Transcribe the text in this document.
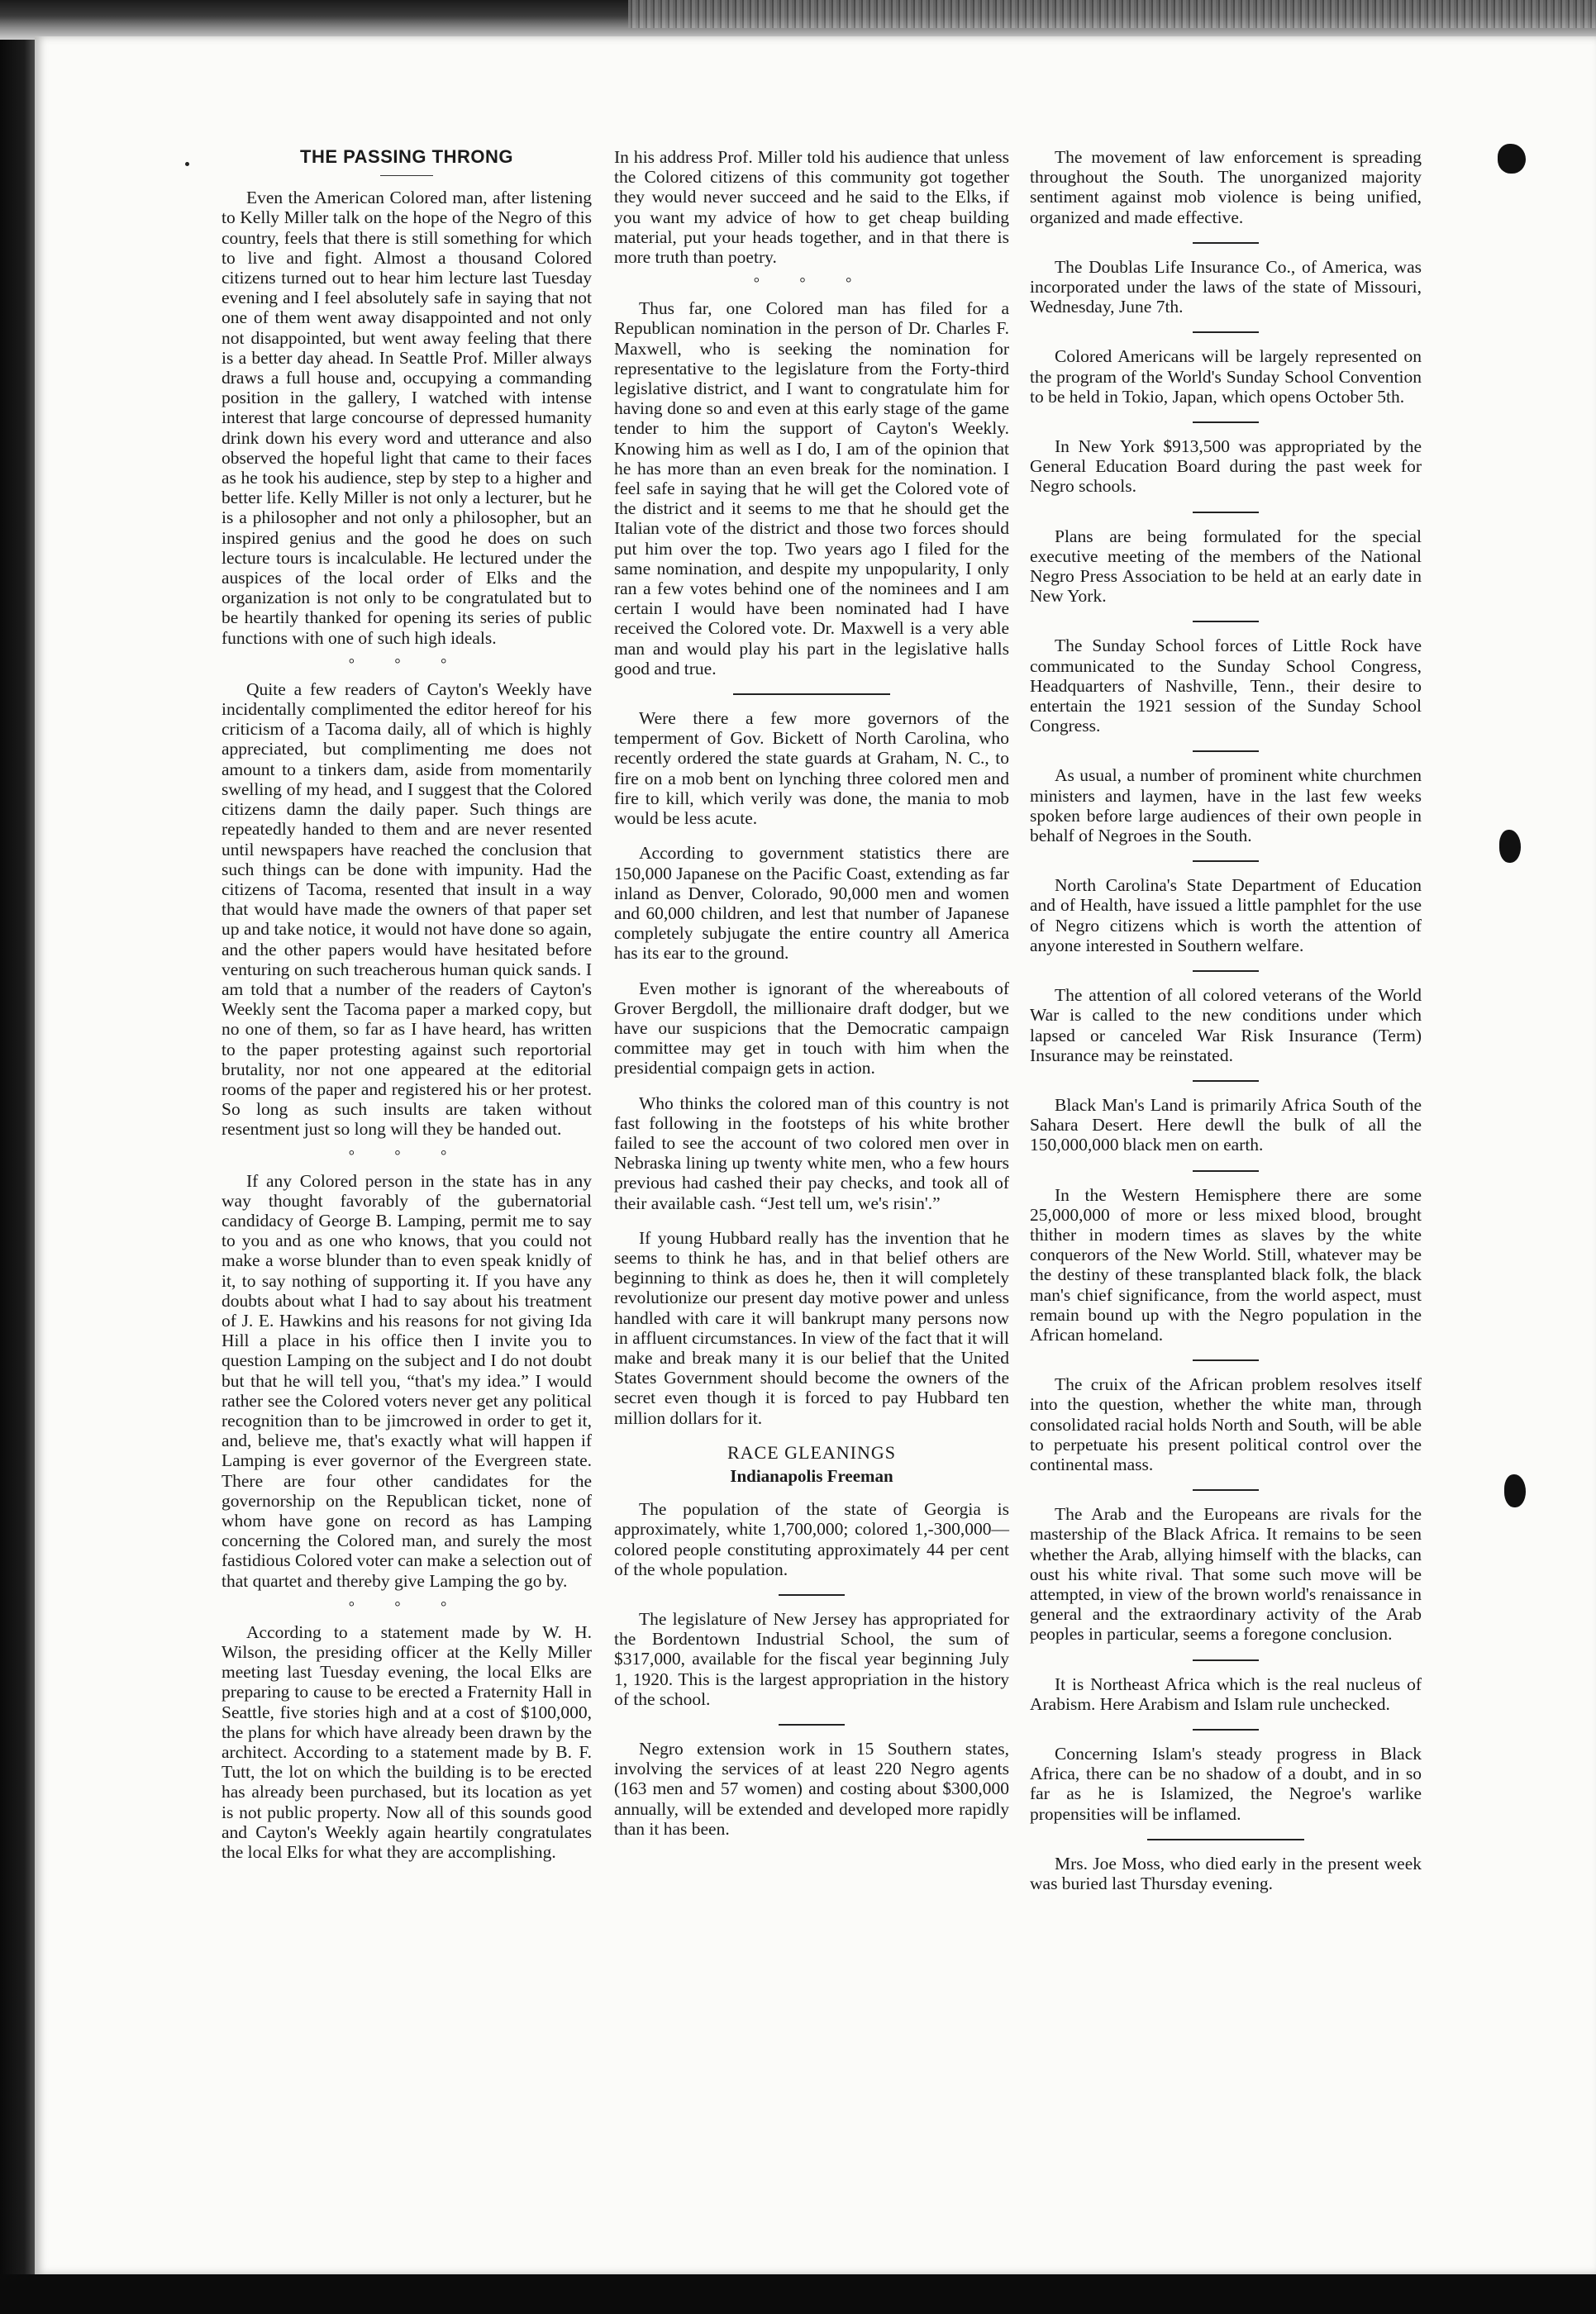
THE PASSING THRONG

Even the American Colored man, after listening to Kelly Miller talk on the hope of the Negro of this country, feels that there is still something for which to live and fight. Almost a thousand Colored citizens turned out to hear him lecture last Tuesday evening and I feel absolutely safe in saying that not one of them went away disappointed and not only not disappointed, but went away feeling that there is a better day ahead. In Seattle Prof. Miller always draws a full house and, occupying a commanding position in the gallery, I watched with intense interest that large concourse of depressed humanity drink down his every word and utterance and also observed the hopeful light that came to their faces as he took his audience, step by step to a higher and better life. Kelly Miller is not only a lecturer, but he is a philosopher and not only a philosopher, but an inspired genius and the good he does on such lecture tours is incalculable. He lectured under the auspices of the local order of Elks and the organization is not only to be congratulated but to be heartily thanked for opening its series of public functions with one of such high ideals.

° ° °

Quite a few readers of Cayton's Weekly have incidentally complimented the editor hereof for his criticism of a Tacoma daily, all of which is highly appreciated, but complimenting me does not amount to a tinkers dam, aside from momentarily swelling of my head, and I suggest that the Colored citizens damn the daily paper. Such things are repeatedly handed to them and are never resented until newspapers have reached the conclusion that such things can be done with impunity. Had the citizens of Tacoma, resented that insult in a way that would have made the owners of that paper set up and take notice, it would not have done so again, and the other papers would have hesitated before venturing on such treacherous human quick sands. I am told that a number of the readers of Cayton's Weekly sent the Tacoma paper a marked copy, but no one of them, so far as I have heard, has written to the paper protesting against such reportorial brutality, nor not one appeared at the editorial rooms of the paper and registered his or her protest. So long as such insults are taken without resentment just so long will they be handed out.

° ° °

If any Colored person in the state has in any way thought favorably of the gubernatorial candidacy of George B. Lamping, permit me to say to you and as one who knows, that you could not make a worse blunder than to even speak knidly of it, to say nothing of supporting it. If you have any doubts about what I had to say about his treatment of J. E. Hawkins and his reasons for not giving Ida Hill a place in his office then I invite you to question Lamping on the subject and I do not doubt but that he will tell you, “that's my idea.” I would rather see the Colored voters never get any political recognition than to be jimcrowed in order to get it, and, believe me, that's exactly what will happen if Lamping is ever governor of the Evergreen state. There are four other candidates for the governorship on the Republican ticket, none of whom have gone on record as has Lamping concerning the Colored man, and surely the most fastidious Colored voter can make a selection out of that quartet and thereby give Lamping the go by.

° ° °

According to a statement made by W. H. Wilson, the presiding officer at the Kelly Miller meeting last Tuesday evening, the local Elks are preparing to cause to be erected a Fraternity Hall in Seattle, five stories high and at a cost of $100,000, the plans for which have already been drawn by the architect. According to a statement made by B. F. Tutt, the lot on which the building is to be erected has already been purchased, but its location as yet is not public property. Now all of this sounds good and Cayton's Weekly again heartily congratulates the local Elks for what they are accomplishing.

In his address Prof. Miller told his audience that unless the Colored citizens of this community got together they would never succeed and he said to the Elks, if you want my advice of how to get cheap building material, put your heads together, and in that there is more truth than poetry.

° ° °

Thus far, one Colored man has filed for a Republican nomination in the person of Dr. Charles F. Maxwell, who is seeking the nomination for representative to the legislature from the Forty-third legislative district, and I want to congratulate him for having done so and even at this early stage of the game tender to him the support of Cayton's Weekly. Knowing him as well as I do, I am of the opinion that he has more than an even break for the nomination. I feel safe in saying that he will get the Colored vote of the district and it seems to me that he should get the Italian vote of the district and those two forces should put him over the top. Two years ago I filed for the same nomination, and despite my unpopularity, I only ran a few votes behind one of the nominees and I am certain I would have been nominated had I have received the Colored vote. Dr. Maxwell is a very able man and would play his part in the legislative halls good and true.

Were there a few more governors of the temperment of Gov. Bickett of North Carolina, who recently ordered the state guards at Graham, N. C., to fire on a mob bent on lynching three colored men and fire to kill, which verily was done, the mania to mob would be less acute.

According to government statistics there are 150,000 Japanese on the Pacific Coast, extending as far inland as Denver, Colorado, 90,000 men and women and 60,000 children, and lest that number of Japanese completely subjugate the entire country all America has its ear to the ground.

Even mother is ignorant of the whereabouts of Grover Bergdoll, the millionaire draft dodger, but we have our suspicions that the Democratic campaign committee may get in touch with him when the presidential compaign gets in action.

Who thinks the colored man of this country is not fast following in the footsteps of his white brother failed to see the account of two colored men over in Nebraska lining up twenty white men, who a few hours previous had cashed their pay checks, and took all of their available cash. “Jest tell um, we's risin'.”

If young Hubbard really has the invention that he seems to think he has, and in that belief others are beginning to think as does he, then it will completely revolutionize our present day motive power and unless handled with care it will bankrupt many persons now in affluent circumstances. In view of the fact that it will make and break many it is our belief that the United States Government should become the owners of the secret even though it is forced to pay Hubbard ten million dollars for it.

RACE GLEANINGS
Indianapolis Freeman

The population of the state of Georgia is approximately, white 1,700,000; colored 1,-300,000—colored people constituting approximately 44 per cent of the whole population.

The legislature of New Jersey has appropriated for the Bordentown Industrial School, the sum of $317,000, available for the fiscal year beginning July 1, 1920. This is the largest appropriation in the history of the school.

Negro extension work in 15 Southern states, involving the services of at least 220 Negro agents (163 men and 57 women) and costing about $300,000 annually, will be extended and developed more rapidly than it has been.

The movement of law enforcement is spreading throughout the South. The unorganized majority sentiment against mob violence is being unified, organized and made effective.

The Doublas Life Insurance Co., of America, was incorporated under the laws of the state of Missouri, Wednesday, June 7th.

Colored Americans will be largely represented on the program of the World's Sunday School Convention to be held in Tokio, Japan, which opens October 5th.

In New York $913,500 was appropriated by the General Education Board during the past week for Negro schools.

Plans are being formulated for the special executive meeting of the members of the National Negro Press Association to be held at an early date in New York.

The Sunday School forces of Little Rock have communicated to the Sunday School Congress, Headquarters of Nashville, Tenn., their desire to entertain the 1921 session of the Sunday School Congress.

As usual, a number of prominent white churchmen ministers and laymen, have in the last few weeks spoken before large audiences of their own people in behalf of Negroes in the South.

North Carolina's State Department of Education and of Health, have issued a little pamphlet for the use of Negro citizens which is worth the attention of anyone interested in Southern welfare.

The attention of all colored veterans of the World War is called to the new conditions under which lapsed or canceled War Risk Insurance (Term) Insurance may be reinstated.

Black Man's Land is primarily Africa South of the Sahara Desert. Here dewll the bulk of all the 150,000,000 black men on earth.

In the Western Hemisphere there are some 25,000,000 of more or less mixed blood, brought thither in modern times as slaves by the white conquerors of the New World. Still, whatever may be the destiny of these transplanted black folk, the black man's chief significance, from the world aspect, must remain bound up with the Negro population in the African homeland.

The cruix of the African problem resolves itself into the question, whether the white man, through consolidated racial holds North and South, will be able to perpetuate his present political control over the continental mass.

The Arab and the Europeans are rivals for the mastership of the Black Africa. It remains to be seen whether the Arab, allying himself with the blacks, can oust his white rival. That some such move will be attempted, in view of the brown world's renaissance in general and the extraordinary activity of the Arab peoples in particular, seems a foregone conclusion.

It is Northeast Africa which is the real nucleus of Arabism. Here Arabism and Islam rule unchecked.

Concerning Islam's steady progress in Black Africa, there can be no shadow of a doubt, and in so far as he is Islamized, the Negroe's warlike propensities will be inflamed.

Mrs. Joe Moss, who died early in the present week was buried last Thursday evening.
